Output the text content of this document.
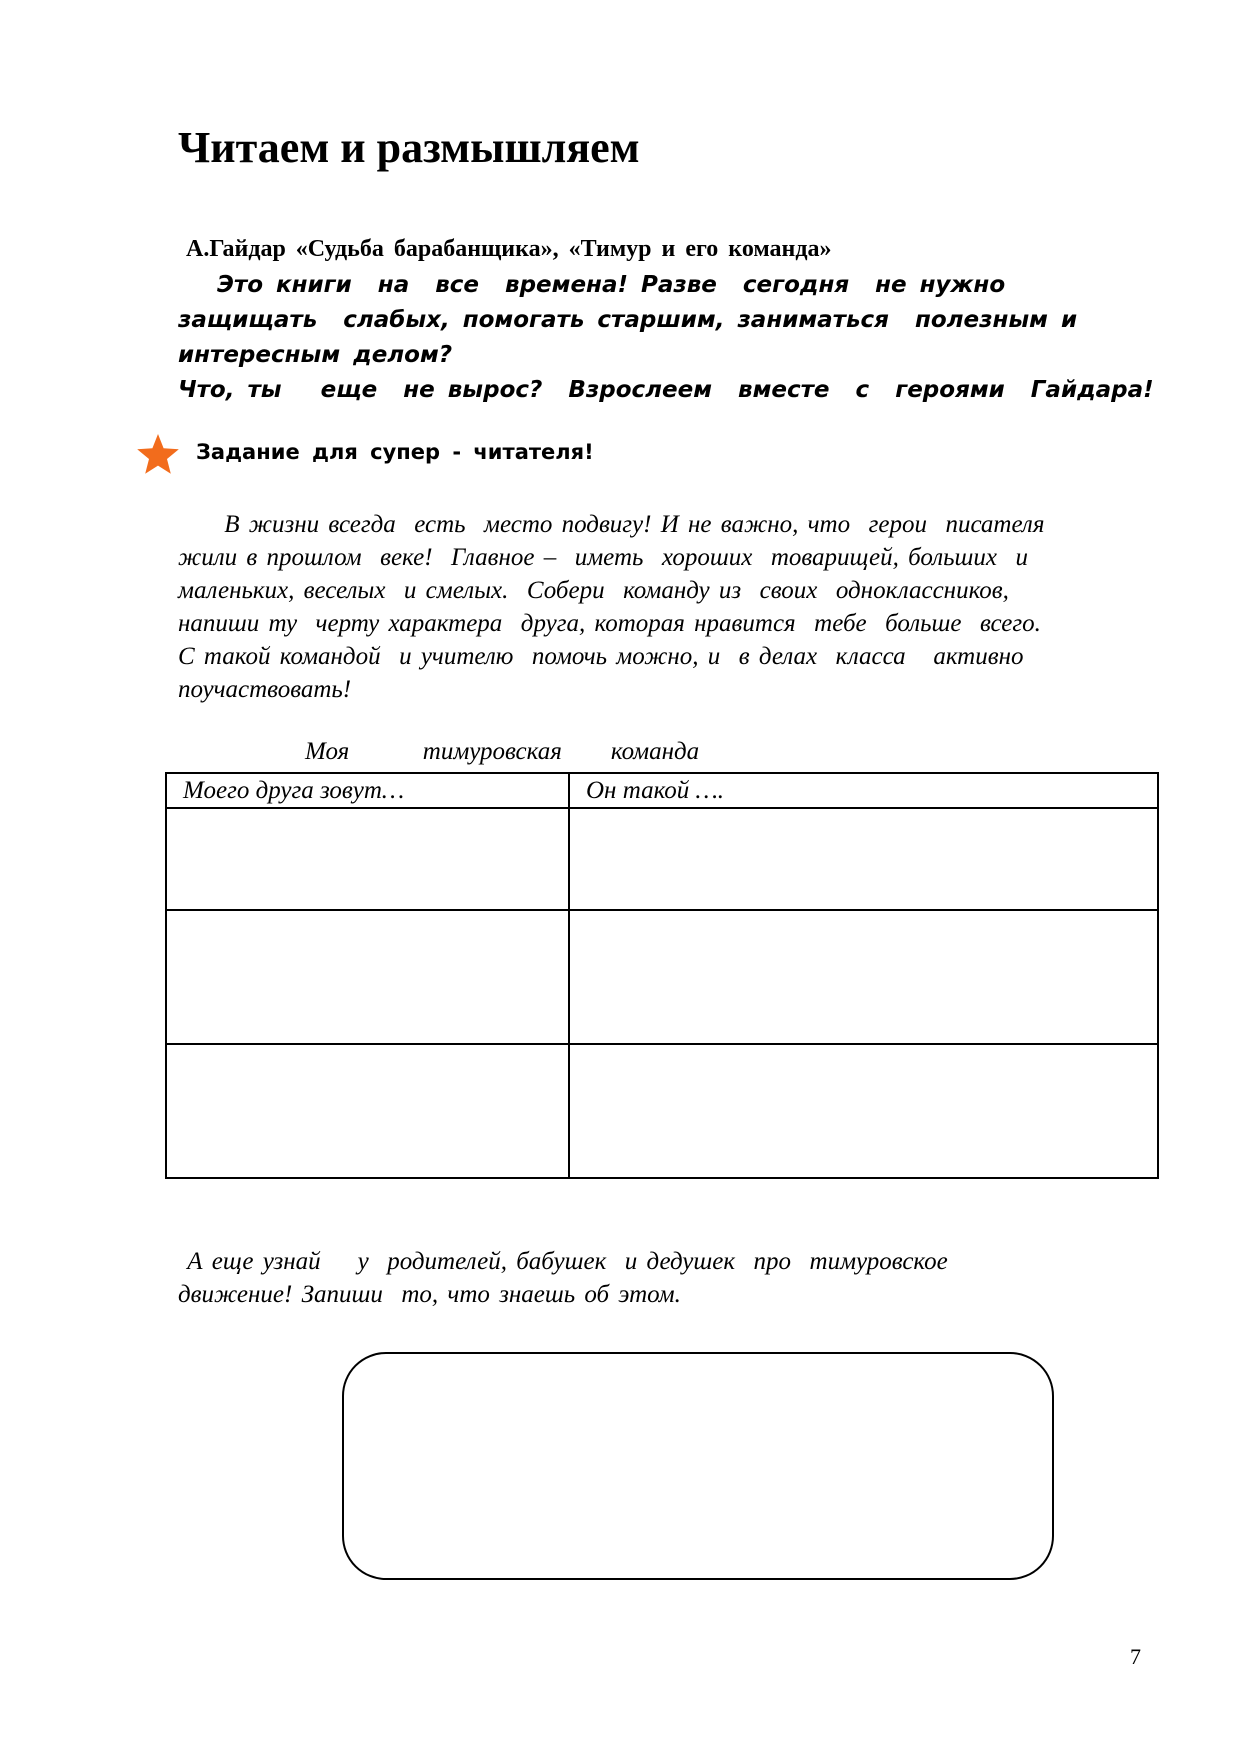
Читаем и размышляем
А.Гайдар «Судьба барабанщика», «Тимур и его команда»
Это книги  на  все  времена! Разве  сегодня  не нужно
защищать  слабых, помогать старшим, заниматься  полезным и
интересным делом?
Что, ты   еще  не вырос?  Взрослеем  вместе  с  героями  Гайдара!
Задание для супер - читателя!
В жизни всегда  есть  место подвигу! И не важно, что  герои  писателя
жили в прошлом  веке!  Главное –  иметь  хороших  товарищей, больших  и
маленьких, веселых  и смелых.  Собери  команду из  своих  одноклассников,
напиши ту  черту характера  друга, которая нравится  тебе  больше  всего.
С такой командой  и учителю  помочь можно, и  в делах  класса   активно
поучаствовать!
Моя      тимуровская    команда
Моего друга зовут…	Он такой ….

А еще узнай    у  родителей, бабушек  и дедушек  про  тимуровское
движение! Запиши  то, что знаешь об этом.
7
